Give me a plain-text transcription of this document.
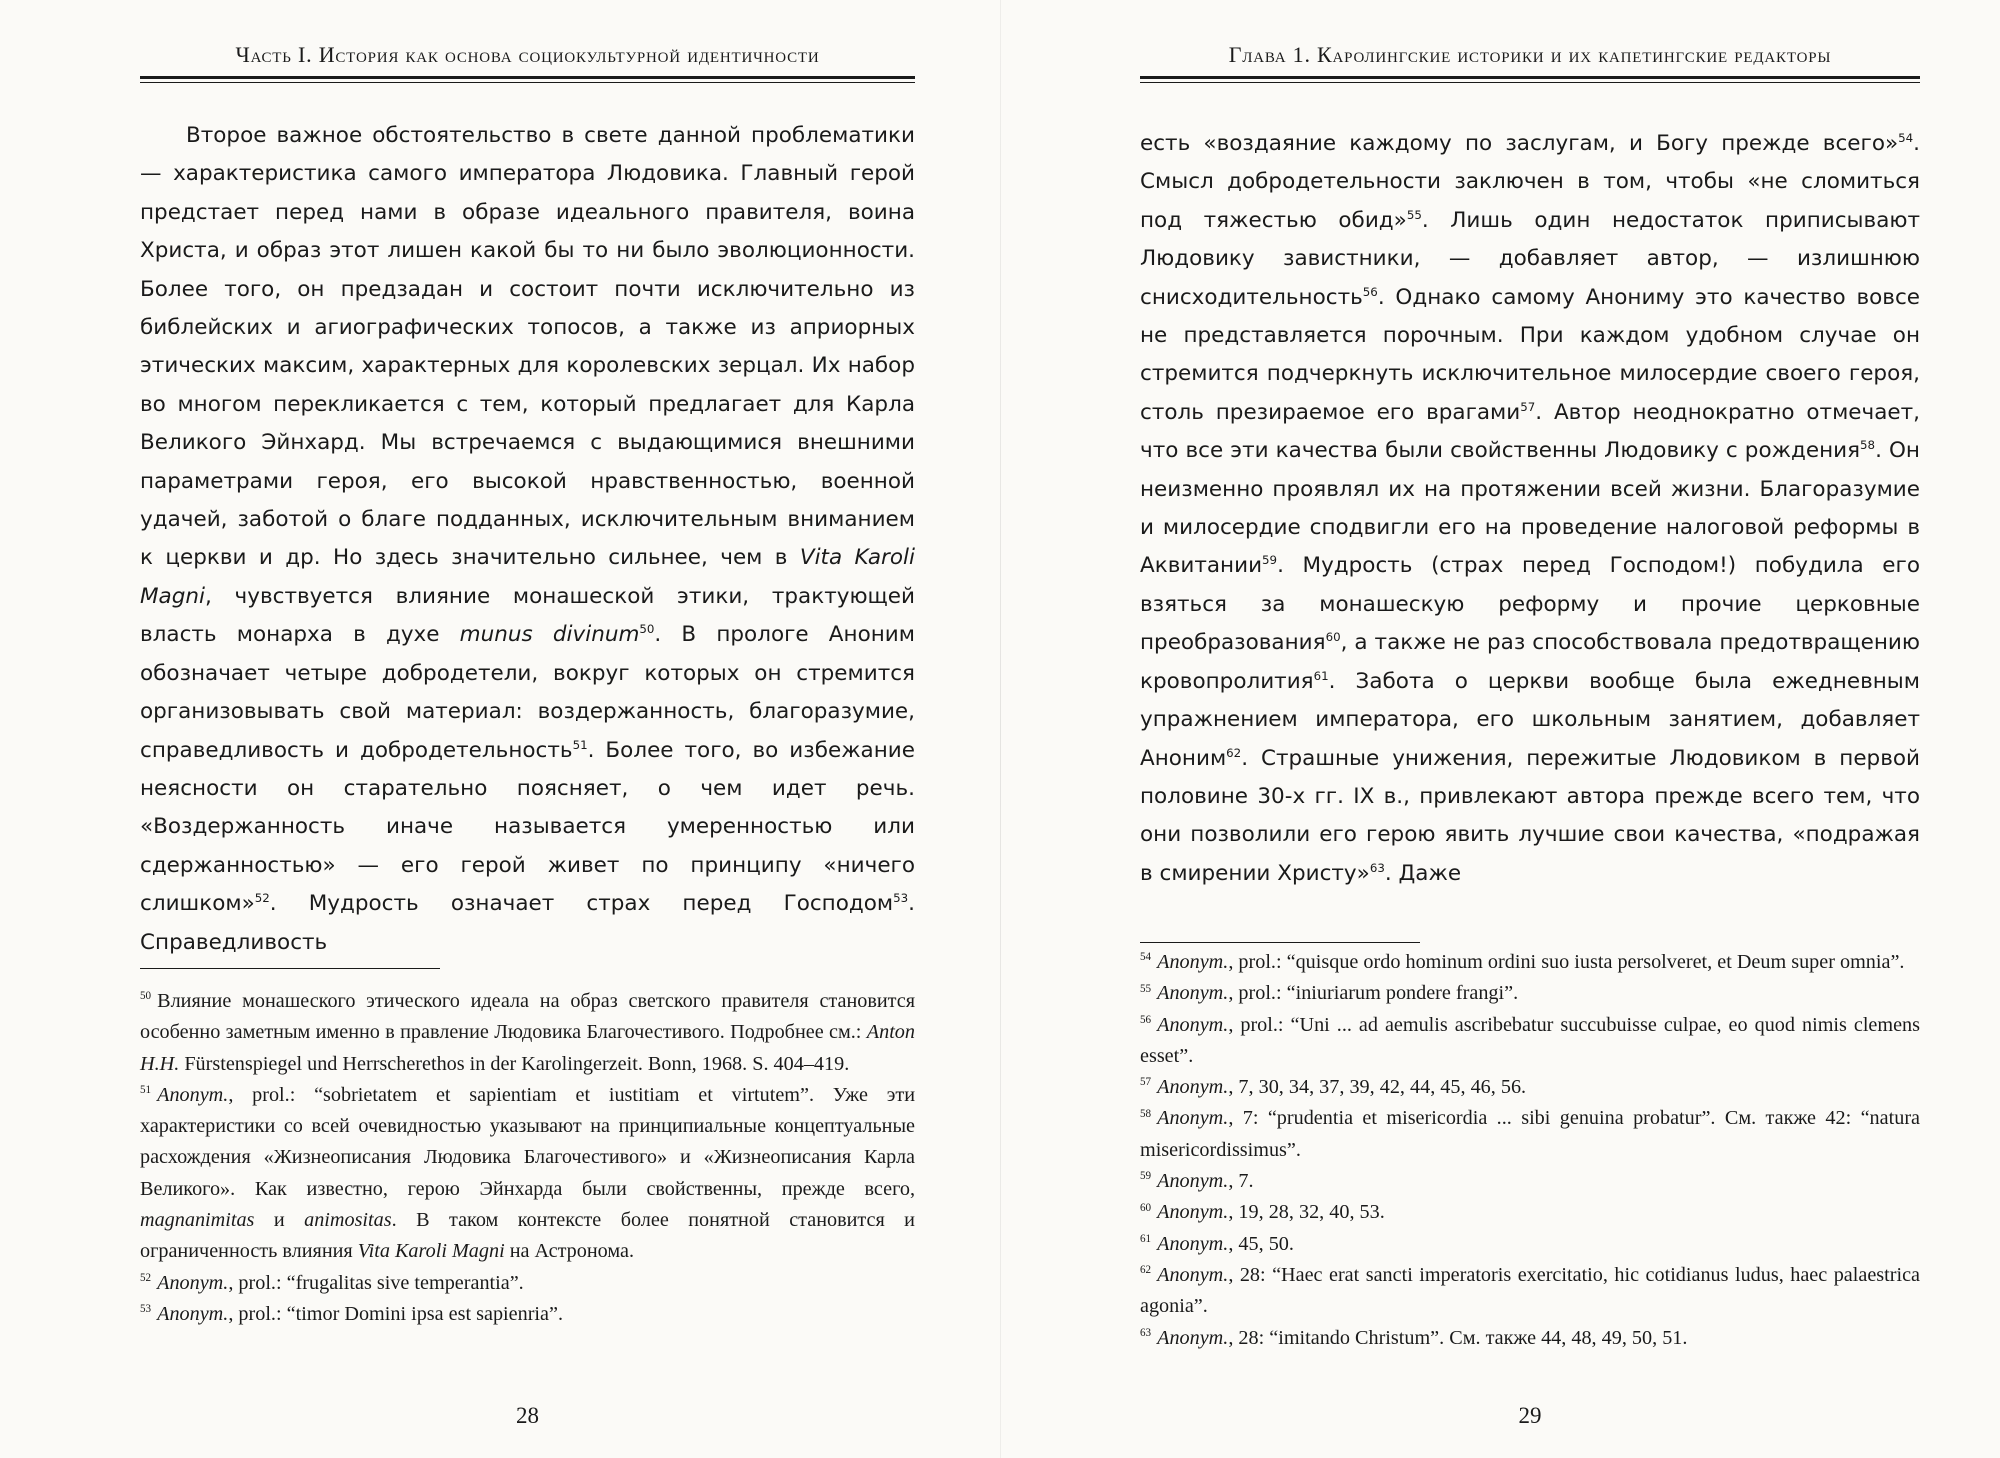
Часть I. История как основа социокультурной идентичности

Второе важное обстоятельство в свете данной проблематики — характеристика самого императора Людовика. Главный герой предстает перед нами в образе идеального правителя, воина Христа, и образ этот лишен какой бы то ни было эволюционности. Более того, он предзадан и состоит почти исключительно из библейских и агиографических топосов, а также из априорных этических максим, характерных для королевских зерцал. Их набор во многом перекликается с тем, который предлагает для Карла Великого Эйнхард. Мы встречаемся с выдающимися внешними параметрами героя, его высокой нравственностью, военной удачей, заботой о благе подданных, исключительным вниманием к церкви и др. Но здесь значительно сильнее, чем в Vita Karoli Magni, чувствуется влияние монашеской этики, трактующей власть монарха в духе munus divinum$^{50}$. В прологе Аноним обозначает четыре добродетели, вокруг которых он стремится организовывать свой материал: воздержанность, благоразумие, справедливость и добродетельность$^{51}$. Более того, во избежание неясности он старательно поясняет, о чем идет речь. «Воздержанность иначе называется умеренностью или сдержанностью» — его герой живет по принципу «ничего слишком»$^{52}$. Мудрость означает страх перед Господом$^{53}$. Справедливость

$^{50}$ Влияние монашеского этического идеала на образ светского правителя становится особенно заметным именно в правление Людовика Благочестивого. Подробнее см.: Anton H.H. Fürstenspiegel und Herrscherethos in der Karolingerzeit. Bonn, 1968. S. 404–419.

$^{51}$ Anonym., prol.: “sobrietatem et sapientiam et iustitiam et virtutem”. Уже эти характеристики со всей очевидностью указывают на принципиальные концептуальные расхождения «Жизнеописания Людовика Благочестивого» и «Жизнеописания Карла Великого». Как известно, герою Эйнхарда были свойственны, прежде всего, magnanimitas и animositas. В таком контексте более понятной становится и ограниченность влияния Vita Karoli Magni на Астронома.

$^{52}$ Anonym., prol.: “frugalitas sive temperantia”.

$^{53}$ Anonym., prol.: “timor Domini ipsa est sapienria”.

28
Глава 1. Каролингские историки и их капетингские редакторы

есть «воздаяние каждому по заслугам, и Богу прежде всего»$^{54}$. Смысл добродетельности заключен в том, чтобы «не сломиться под тяжестью обид»$^{55}$. Лишь один недостаток приписывают Людовику завистники, — добавляет автор, — излишнюю снисходительность$^{56}$. Однако самому Анониму это качество вовсе не представляется порочным. При каждом удобном случае он стремится подчеркнуть исключительное милосердие своего героя, столь презираемое его врагами$^{57}$. Автор неоднократно отмечает, что все эти качества были свойственны Людовику с рождения$^{58}$. Он неизменно проявлял их на протяжении всей жизни. Благоразумие и милосердие сподвигли его на проведение налоговой реформы в Аквитании$^{59}$. Мудрость (страх перед Господом!) побудила его взяться за монашескую реформу и прочие церковные преобразования$^{60}$, а также не раз способствовала предотвращению кровопролития$^{61}$. Забота о церкви вообще была ежедневным упражнением императора, его школьным занятием, добавляет Аноним$^{62}$. Страшные унижения, пережитые Людовиком в первой половине 30-х гг. IX в., привлекают автора прежде всего тем, что они позволили его герою явить лучшие свои качества, «подражая в смирении Христу»$^{63}$. Даже

$^{54}$ Anonym., prol.: “quisque ordo hominum ordini suo iusta persolveret, et Deum super omnia”.

$^{55}$ Anonym., prol.: “iniuriarum pondere frangi”.

$^{56}$ Anonym., prol.: “Uni ... ad aemulis ascribebatur succubuisse culpae, eo quod nimis clemens esset”.

$^{57}$ Anonym., 7, 30, 34, 37, 39, 42, 44, 45, 46, 56.

$^{58}$ Anonym., 7: “prudentia et misericordia ... sibi genuina probatur”. См. также 42: “natura misericordissimus”.

$^{59}$ Anonym., 7.

$^{60}$ Anonym., 19, 28, 32, 40, 53.

$^{61}$ Anonym., 45, 50.

$^{62}$ Anonym., 28: “Haec erat sancti imperatoris exercitatio, hic cotidianus ludus, haec palaestrica agonia”.

$^{63}$ Anonym., 28: “imitando Christum”. См. также 44, 48, 49, 50, 51.

29
